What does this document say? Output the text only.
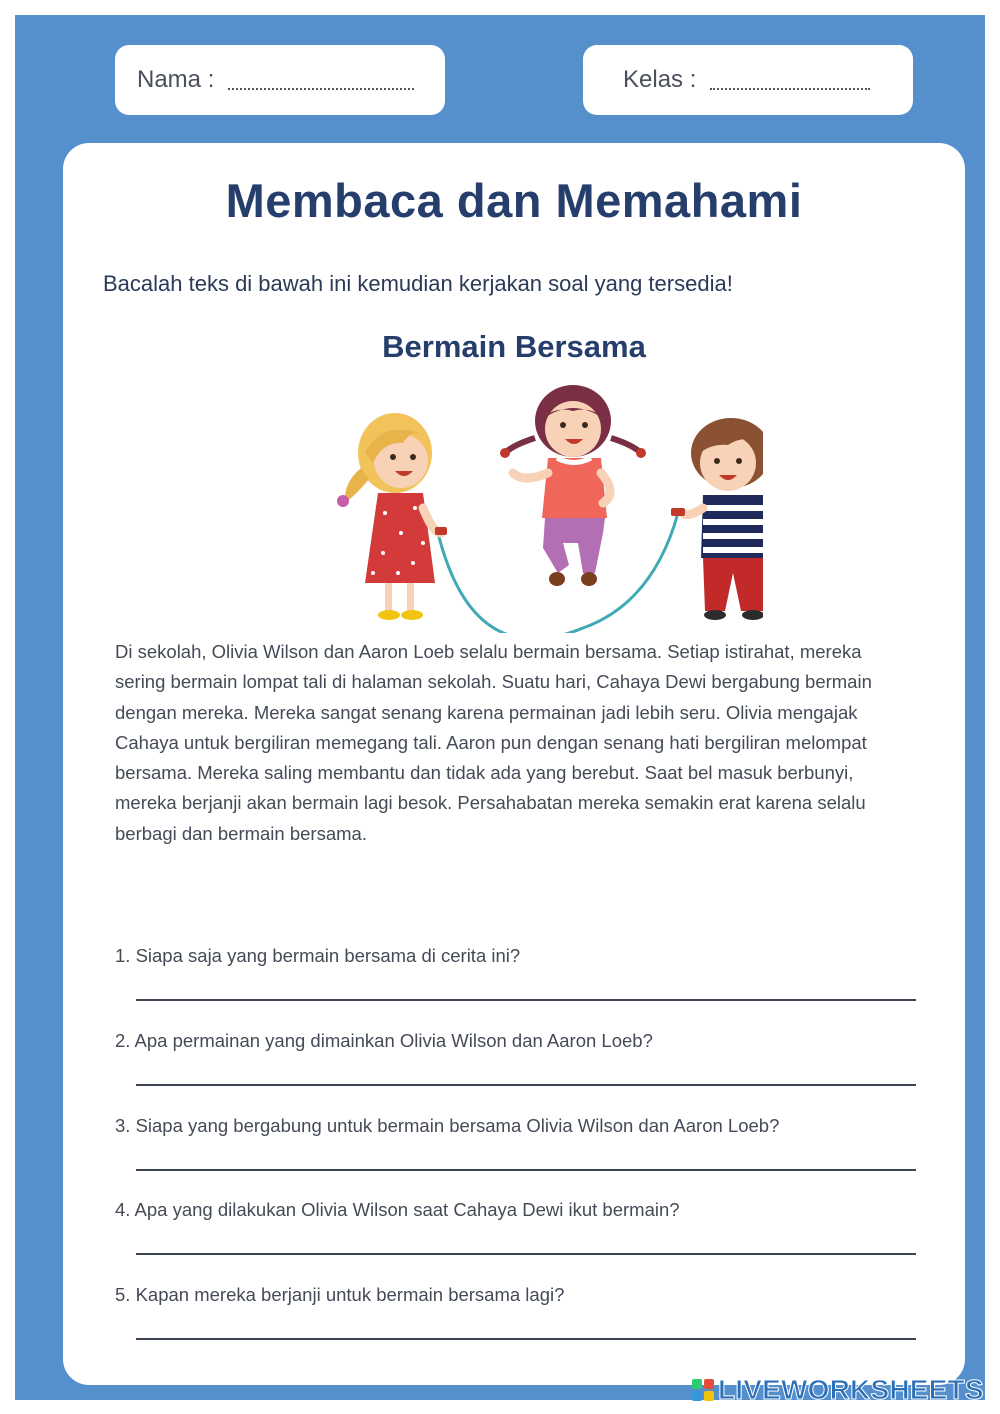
Nama :	Kelas :
Membaca dan Memahami

Bacalah teks di bawah ini kemudian kerjakan soal yang tersedia!

Bermain Bersama

Di sekolah, Olivia Wilson dan Aaron Loeb selalu bermain bersama. Setiap istirahat, mereka sering bermain lompat tali di halaman sekolah. Suatu hari, Cahaya Dewi bergabung bermain dengan mereka. Mereka sangat senang karena permainan jadi lebih seru. Olivia mengajak Cahaya untuk bergiliran memegang tali. Aaron pun dengan senang hati bergiliran melompat bersama. Mereka saling membantu dan tidak ada yang berebut. Saat bel masuk berbunyi, mereka berjanji akan bermain lagi besok. Persahabatan mereka semakin erat karena selalu berbagi dan bermain bersama.

1. Siapa saja yang bermain bersama di cerita ini?
2. Apa permainan yang dimainkan Olivia Wilson dan Aaron Loeb?
3. Siapa yang bergabung untuk bermain bersama Olivia Wilson dan Aaron Loeb?
4. Apa yang dilakukan Olivia Wilson saat Cahaya Dewi ikut bermain?
5. Kapan mereka berjanji untuk bermain bersama lagi?
LIVEWORKSHEETS
